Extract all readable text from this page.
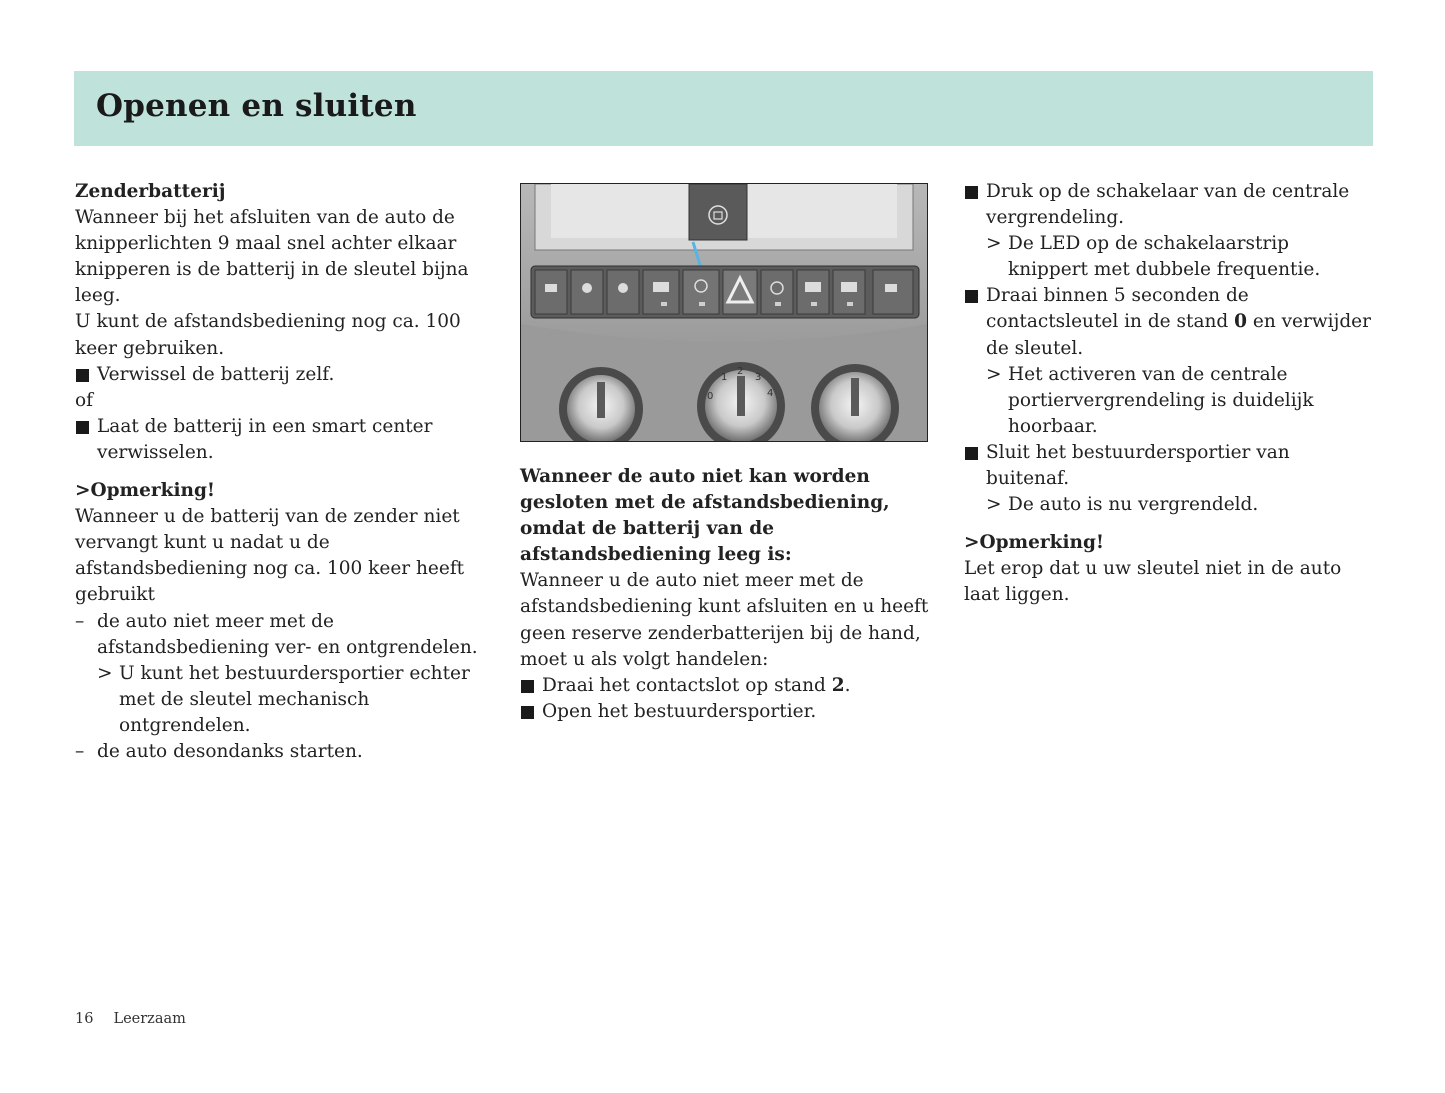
Openen en sluiten

Zenderbatterij

Wanneer bij het afsluiten van de auto de knipperlichten 9 maal snel achter elkaar knipperen is de batterij in de sleutel bijna leeg.

U kunt de afstandsbediening nog ca. 100 keer gebruiken.

Verwissel de batterij zelf.

of

Laat de batterij in een smart center verwisselen.

>Opmerking!

Wanneer u de batterij van de zender niet vervangt kunt u nadat u de afstandsbediening nog ca. 100 keer heeft gebruikt

– de auto niet meer met de afstandsbediening ver- en ontgrendelen.
> U kunt het bestuurdersportier echter met de sleutel mechanisch ontgrendelen.
– de auto desondanks starten.
0
1
2
3
4

Wanneer de auto niet kan worden gesloten met de afstandsbediening, omdat de batterij van de afstandsbediening leeg is:

Wanneer u de auto niet meer met de afstandsbediening kunt afsluiten en u heeft geen reserve zenderbatterijen bij de hand, moet u als volgt handelen:

Draai het contactslot op stand 2.
Open het bestuurdersportier.
Druk op de schakelaar van de centrale vergrendeling.
> De LED op de schakelaarstrip knippert met dubbele frequentie.
Draai binnen 5 seconden de contactsleutel in de stand 0 en verwijder de sleutel.
> Het activeren van de centrale portiervergrendeling is duidelijk hoorbaar.
Sluit het bestuurdersportier van buitenaf.
> De auto is nu vergrendeld.

>Opmerking!

Let erop dat u uw sleutel niet in de auto laat liggen.

16 Leerzaam
